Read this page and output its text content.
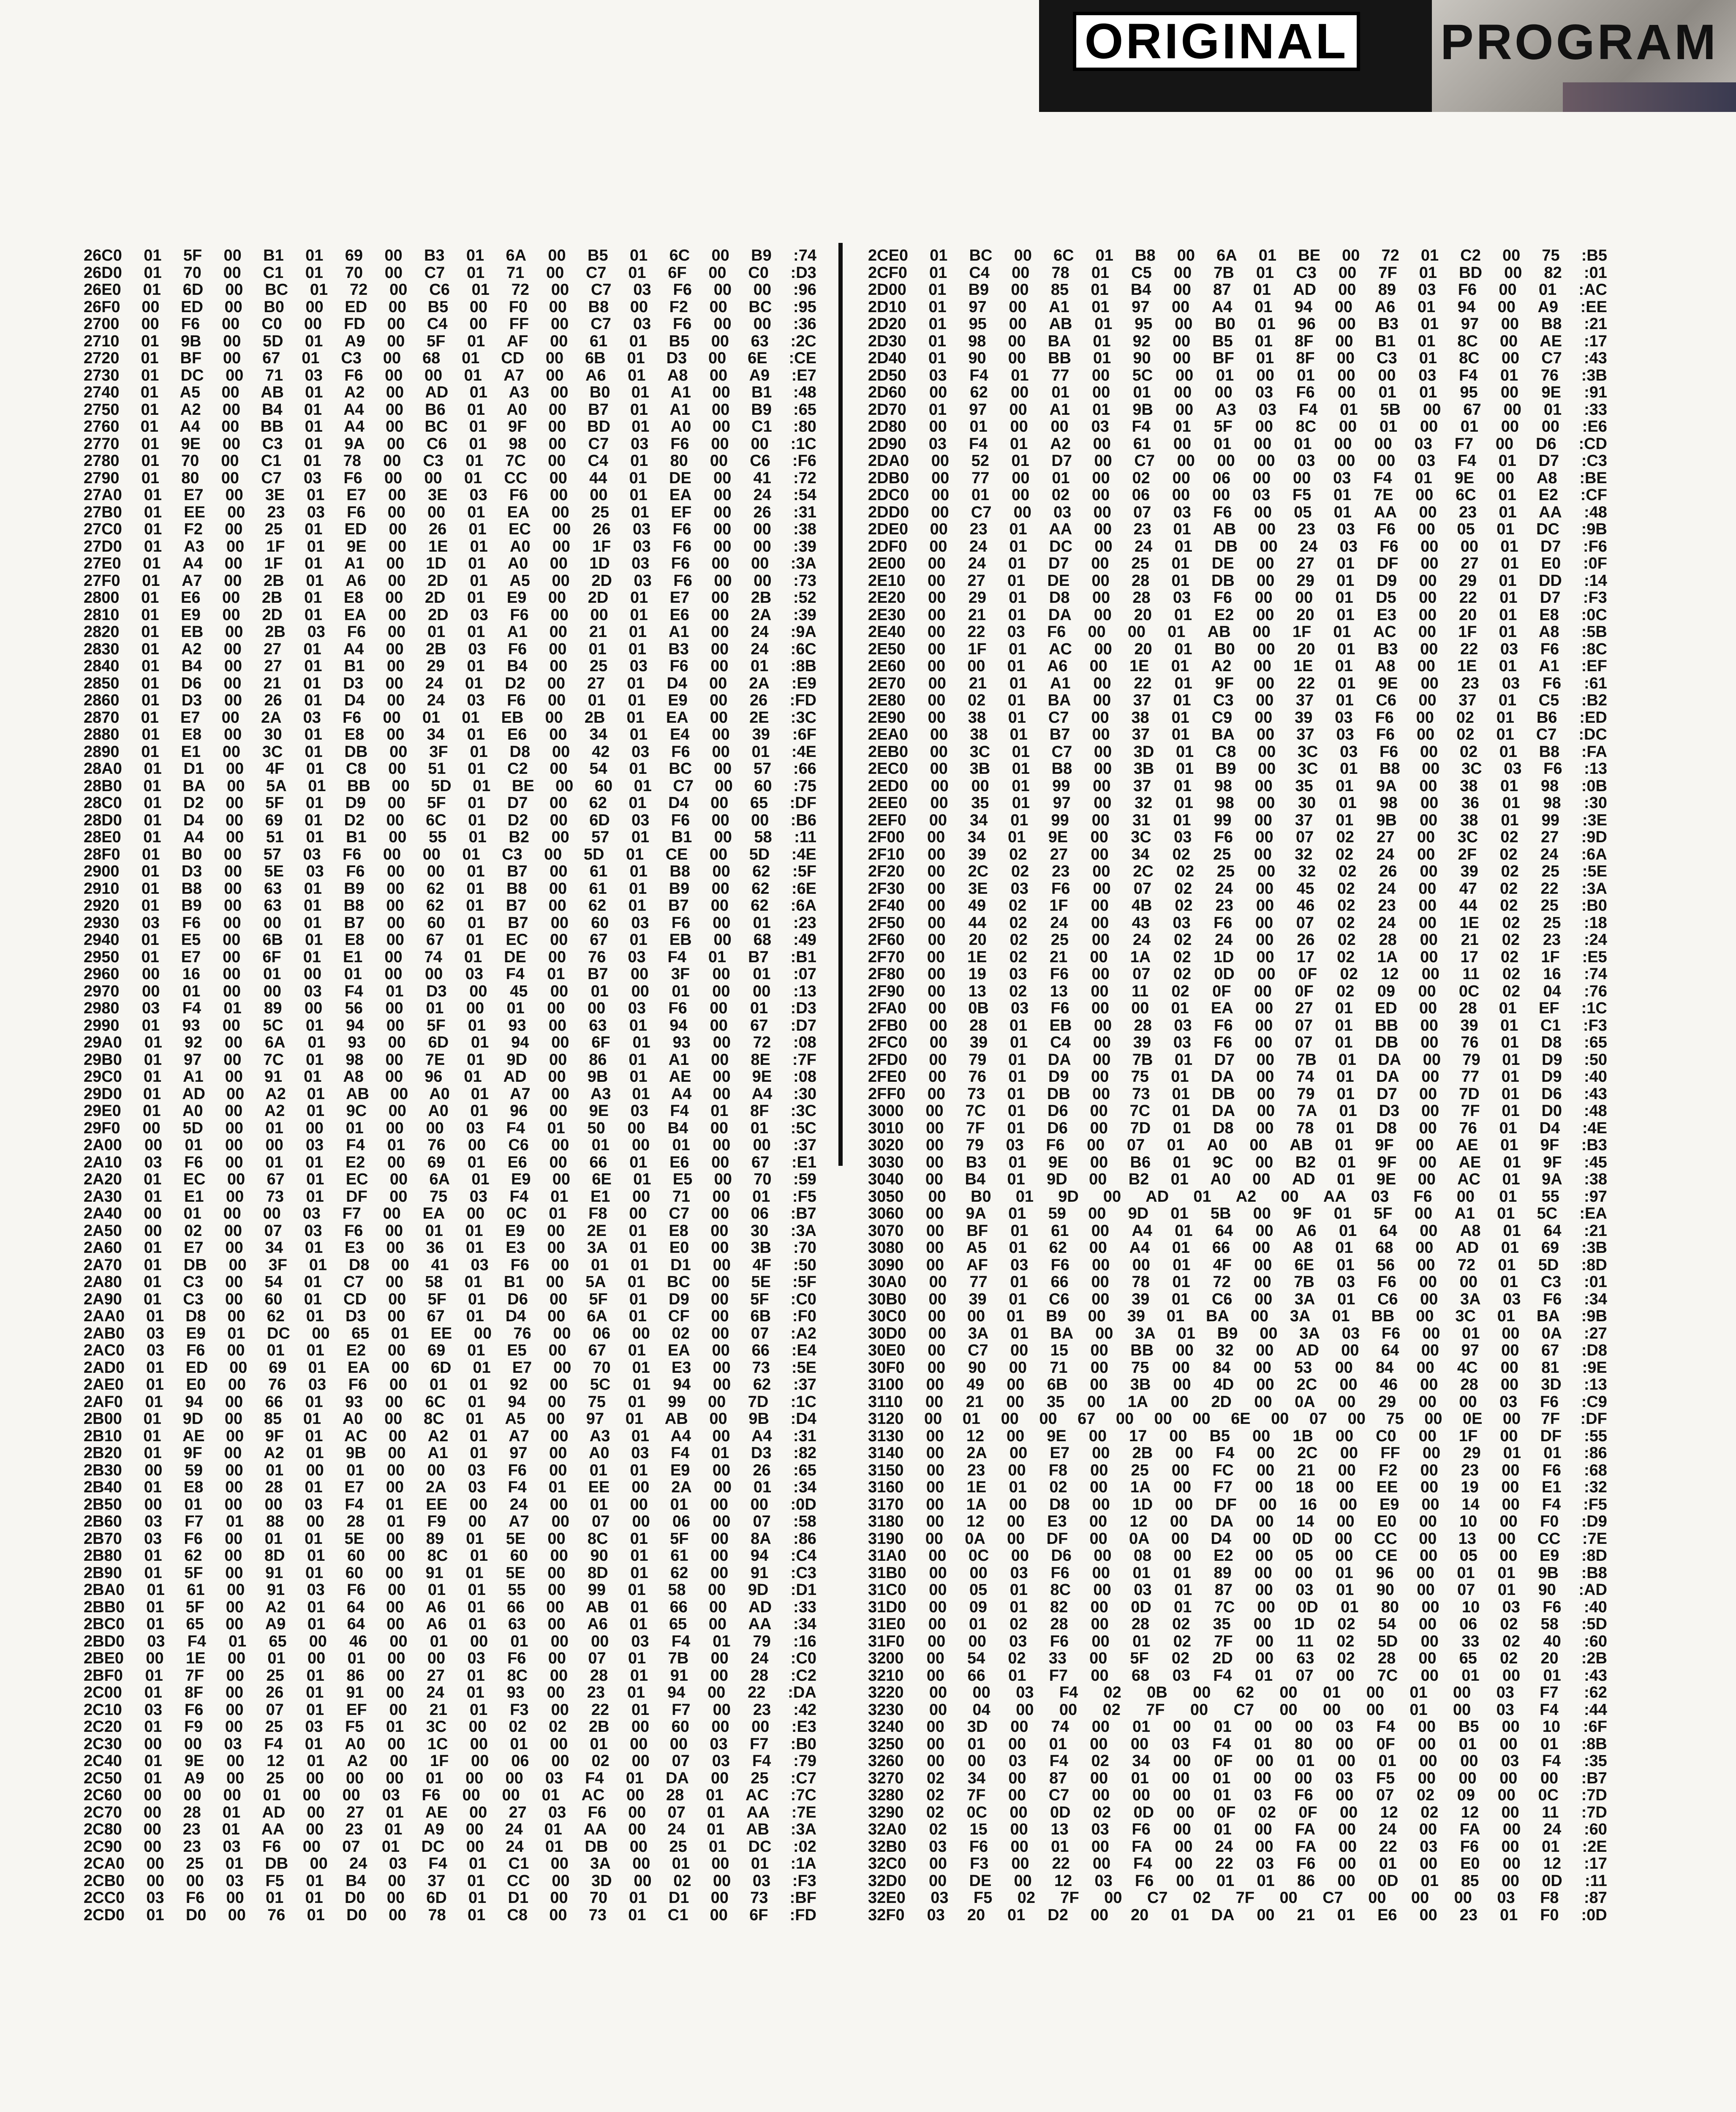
ORIGINAL PROGRAM
26C0 01 5F 00 B1 01 69 00 B3 01 6A 00 B5 01 6C 00 B9 :74
26D0 01 70 00 C1 01 70 00 C7 01 71 00 C7 01 6F 00 C0 :D3
26E0 01 6D 00 BC 01 72 00 C6 01 72 00 C7 03 F6 00 00 :96
26F0 00 ED 00 B0 00 ED 00 B5 00 F0 00 B8 00 F2 00 BC :95
2700 00 F6 00 C0 00 FD 00 C4 00 FF 00 C7 03 F6 00 00 :36
2710 01 9B 00 5D 01 A9 00 5F 01 AF 00 61 01 B5 00 63 :2C
2720 01 BF 00 67 01 C3 00 68 01 CD 00 6B 01 D3 00 6E :CE
2730 01 DC 00 71 03 F6 00 00 01 A7 00 A6 01 A8 00 A9 :E7
2740 01 A5 00 AB 01 A2 00 AD 01 A3 00 B0 01 A1 00 B1 :48
2750 01 A2 00 B4 01 A4 00 B6 01 A0 00 B7 01 A1 00 B9 :65
2760 01 A4 00 BB 01 A4 00 BC 01 9F 00 BD 01 A0 00 C1 :80
2770 01 9E 00 C3 01 9A 00 C6 01 98 00 C7 03 F6 00 00 :1C
2780 01 70 00 C1 01 78 00 C3 01 7C 00 C4 01 80 00 C6 :F6
2790 01 80 00 C7 03 F6 00 00 01 CC 00 44 01 DE 00 41 :72
27A0 01 E7 00 3E 01 E7 00 3E 03 F6 00 00 01 EA 00 24 :54
27B0 01 EE 00 23 03 F6 00 00 01 EA 00 25 01 EF 00 26 :31
27C0 01 F2 00 25 01 ED 00 26 01 EC 00 26 03 F6 00 00 :38
27D0 01 A3 00 1F 01 9E 00 1E 01 A0 00 1F 03 F6 00 00 :39
27E0 01 A4 00 1F 01 A1 00 1D 01 A0 00 1D 03 F6 00 00 :3A
27F0 01 A7 00 2B 01 A6 00 2D 01 A5 00 2D 03 F6 00 00 :73
2800 01 E6 00 2B 01 E8 00 2D 01 E9 00 2D 01 E7 00 2B :52
2810 01 E9 00 2D 01 EA 00 2D 03 F6 00 00 01 E6 00 2A :39
2820 01 EB 00 2B 03 F6 00 01 01 A1 00 21 01 A1 00 24 :9A
2830 01 A2 00 27 01 A4 00 2B 03 F6 00 01 01 B3 00 24 :6C
2840 01 B4 00 27 01 B1 00 29 01 B4 00 25 03 F6 00 01 :8B
2850 01 D6 00 21 01 D3 00 24 01 D2 00 27 01 D4 00 2A :E9
2860 01 D3 00 26 01 D4 00 24 03 F6 00 01 01 E9 00 26 :FD
2870 01 E7 00 2A 03 F6 00 01 01 EB 00 2B 01 EA 00 2E :3C
2880 01 E8 00 30 01 E8 00 34 01 E6 00 34 01 E4 00 39 :6F
2890 01 E1 00 3C 01 DB 00 3F 01 D8 00 42 03 F6 00 01 :4E
28A0 01 D1 00 4F 01 C8 00 51 01 C2 00 54 01 BC 00 57 :66
28B0 01 BA 00 5A 01 BB 00 5D 01 BE 00 60 01 C7 00 60 :75
28C0 01 D2 00 5F 01 D9 00 5F 01 D7 00 62 01 D4 00 65 :DF
28D0 01 D4 00 69 01 D2 00 6C 01 D2 00 6D 03 F6 00 00 :B6
28E0 01 A4 00 51 01 B1 00 55 01 B2 00 57 01 B1 00 58 :11
28F0 01 B0 00 57 03 F6 00 00 01 C3 00 5D 01 CE 00 5D :4E
2900 01 D3 00 5E 03 F6 00 00 01 B7 00 61 01 B8 00 62 :5F
2910 01 B8 00 63 01 B9 00 62 01 B8 00 61 01 B9 00 62 :6E
2920 01 B9 00 63 01 B8 00 62 01 B7 00 62 01 B7 00 62 :6A
2930 03 F6 00 00 01 B7 00 60 01 B7 00 60 03 F6 00 01 :23
2940 01 E5 00 6B 01 E8 00 67 01 EC 00 67 01 EB 00 68 :49
2950 01 E7 00 6F 01 E1 00 74 01 DE 00 76 03 F4 01 B7 :B1
2960 00 16 00 01 00 01 00 00 03 F4 01 B7 00 3F 00 01 :07
2970 00 01 00 00 03 F4 01 D3 00 45 00 01 00 01 00 00 :13
2980 03 F4 01 89 00 56 00 01 00 01 00 00 03 F6 00 01 :D3
2990 01 93 00 5C 01 94 00 5F 01 93 00 63 01 94 00 67 :D7
29A0 01 92 00 6A 01 93 00 6D 01 94 00 6F 01 93 00 72 :08
29B0 01 97 00 7C 01 98 00 7E 01 9D 00 86 01 A1 00 8E :7F
29C0 01 A1 00 91 01 A8 00 96 01 AD 00 9B 01 AE 00 9E :08
29D0 01 AD 00 A2 01 AB 00 A0 01 A7 00 A3 01 A4 00 A4 :30
29E0 01 A0 00 A2 01 9C 00 A0 01 96 00 9E 03 F4 01 8F :3C
29F0 00 5D 00 01 00 01 00 00 03 F4 01 50 00 B4 00 01 :5C
2A00 00 01 00 00 03 F4 01 76 00 C6 00 01 00 01 00 00 :37
2A10 03 F6 00 01 01 E2 00 69 01 E6 00 66 01 E6 00 67 :E1
2A20 01 EC 00 67 01 EC 00 6A 01 E9 00 6E 01 E5 00 70 :59
2A30 01 E1 00 73 01 DF 00 75 03 F4 01 E1 00 71 00 01 :F5
2A40 00 01 00 00 03 F7 00 EA 00 0C 01 F8 00 C7 00 06 :B7
2A50 00 02 00 07 03 F6 00 01 01 E9 00 2E 01 E8 00 30 :3A
2A60 01 E7 00 34 01 E3 00 36 01 E3 00 3A 01 E0 00 3B :70
2A70 01 DB 00 3F 01 D8 00 41 03 F6 00 01 01 D1 00 4F :50
2A80 01 C3 00 54 01 C7 00 58 01 B1 00 5A 01 BC 00 5E :5F
2A90 01 C3 00 60 01 CD 00 5F 01 D6 00 5F 01 D9 00 5F :C0
2AA0 01 D8 00 62 01 D3 00 67 01 D4 00 6A 01 CF 00 6B :F0
2AB0 03 E9 01 DC 00 65 01 EE 00 76 00 06 00 02 00 07 :A2
2AC0 03 F6 00 01 01 E2 00 69 01 E5 00 67 01 EA 00 66 :E4
2AD0 01 ED 00 69 01 EA 00 6D 01 E7 00 70 01 E3 00 73 :5E
2AE0 01 E0 00 76 03 F6 00 01 01 92 00 5C 01 94 00 62 :37
2AF0 01 94 00 66 01 93 00 6C 01 94 00 75 01 99 00 7D :1C
2B00 01 9D 00 85 01 A0 00 8C 01 A5 00 97 01 AB 00 9B :D4
2B10 01 AE 00 9F 01 AC 00 A2 01 A7 00 A3 01 A4 00 A4 :31
2B20 01 9F 00 A2 01 9B 00 A1 01 97 00 A0 03 F4 01 D3 :82
2B30 00 59 00 01 00 01 00 00 03 F6 00 01 01 E9 00 26 :65
2B40 01 E8 00 28 01 E7 00 2A 03 F4 01 EE 00 2A 00 01 :34
2B50 00 01 00 00 03 F4 01 EE 00 24 00 01 00 01 00 00 :0D
2B60 03 F7 01 88 00 28 01 F9 00 A7 00 07 00 06 00 07 :58
2B70 03 F6 00 01 01 5E 00 89 01 5E 00 8C 01 5F 00 8A :86
2B80 01 62 00 8D 01 60 00 8C 01 60 00 90 01 61 00 94 :C4
2B90 01 5F 00 91 01 60 00 91 01 5E 00 8D 01 62 00 91 :C3
2BA0 01 61 00 91 03 F6 00 01 01 55 00 99 01 58 00 9D :D1
2BB0 01 5F 00 A2 01 64 00 A6 01 66 00 AB 01 66 00 AD :33
2BC0 01 65 00 A9 01 64 00 A6 01 63 00 A6 01 65 00 AA :34
2BD0 03 F4 01 65 00 46 00 01 00 01 00 00 03 F4 01 79 :16
2BE0 00 1E 00 01 00 01 00 00 03 F6 00 07 01 7B 00 24 :C0
2BF0 01 7F 00 25 01 86 00 27 01 8C 00 28 01 91 00 28 :C2
2C00 01 8F 00 26 01 91 00 24 01 93 00 23 01 94 00 22 :DA
2C10 03 F6 00 07 01 EF 00 21 01 F3 00 22 01 F7 00 23 :42
2C20 01 F9 00 25 03 F5 01 3C 00 02 02 2B 00 60 00 00 :E3
2C30 00 00 03 F4 01 A0 00 1C 00 01 00 01 00 00 03 F7 :B0
2C40 01 9E 00 12 01 A2 00 1F 00 06 00 02 00 07 03 F4 :79
2C50 01 A9 00 25 00 00 00 01 00 00 03 F4 01 DA 00 25 :C7
2C60 00 00 00 01 00 00 03 F6 00 00 01 AC 00 28 01 AC :7C
2C70 00 28 01 AD 00 27 01 AE 00 27 03 F6 00 07 01 AA :7E
2C80 00 23 01 AA 00 23 01 A9 00 24 01 AA 00 24 01 AB :3A
2C90 00 23 03 F6 00 07 01 DC 00 24 01 DB 00 25 01 DC :02
2CA0 00 25 01 DB 00 24 03 F4 01 C1 00 3A 00 01 00 01 :1A
2CB0 00 00 03 F5 01 B4 00 37 01 CC 00 3D 00 02 00 03 :F3
2CC0 03 F6 00 01 01 D0 00 6D 01 D1 00 70 01 D1 00 73 :BF
2CD0 01 D0 00 76 01 D0 00 78 01 C8 00 73 01 C1 00 6F :FD
2CE0 01 BC 00 6C 01 B8 00 6A 01 BE 00 72 01 C2 00 75 :B5
2CF0 01 C4 00 78 01 C5 00 7B 01 C3 00 7F 01 BD 00 82 :01
2D00 01 B9 00 85 01 B4 00 87 01 AD 00 89 03 F6 00 01 :AC
2D10 01 97 00 A1 01 97 00 A4 01 94 00 A6 01 94 00 A9 :EE
2D20 01 95 00 AB 01 95 00 B0 01 96 00 B3 01 97 00 B8 :21
2D30 01 98 00 BA 01 92 00 B5 01 8F 00 B1 01 8C 00 AE :17
2D40 01 90 00 BB 01 90 00 BF 01 8F 00 C3 01 8C 00 C7 :43
2D50 03 F4 01 77 00 5C 00 01 00 01 00 00 03 F4 01 76 :3B
2D60 00 62 00 01 00 01 00 00 03 F6 00 01 01 95 00 9E :91
2D70 01 97 00 A1 01 9B 00 A3 03 F4 01 5B 00 67 00 01 :33
2D80 00 01 00 00 03 F4 01 5F 00 8C 00 01 00 01 00 00 :E6
2D90 03 F4 01 A2 00 61 00 01 00 01 00 00 03 F7 00 D6 :CD
2DA0 00 52 01 D7 00 C7 00 00 00 03 00 00 03 F4 01 D7 :C3
2DB0 00 77 00 01 00 02 00 06 00 00 03 F4 01 9E 00 A8 :BE
2DC0 00 01 00 02 00 06 00 00 03 F5 01 7E 00 6C 01 E2 :CF
2DD0 00 C7 00 03 00 07 03 F6 00 05 01 AA 00 23 01 AA :48
2DE0 00 23 01 AA 00 23 01 AB 00 23 03 F6 00 05 01 DC :9B
2DF0 00 24 01 DC 00 24 01 DB 00 24 03 F6 00 00 01 D7 :F6
2E00 00 24 01 D7 00 25 01 DE 00 27 01 DF 00 27 01 E0 :0F
2E10 00 27 01 DE 00 28 01 DB 00 29 01 D9 00 29 01 DD :14
2E20 00 29 01 D8 00 28 03 F6 00 00 01 D5 00 22 01 D7 :F3
2E30 00 21 01 DA 00 20 01 E2 00 20 01 E3 00 20 01 E8 :0C
2E40 00 22 03 F6 00 00 01 AB 00 1F 01 AC 00 1F 01 A8 :5B
2E50 00 1F 01 AC 00 20 01 B0 00 20 01 B3 00 22 03 F6 :8C
2E60 00 00 01 A6 00 1E 01 A2 00 1E 01 A8 00 1E 01 A1 :EF
2E70 00 21 01 A1 00 22 01 9F 00 22 01 9E 00 23 03 F6 :61
2E80 00 02 01 BA 00 37 01 C3 00 37 01 C6 00 37 01 C5 :B2
2E90 00 38 01 C7 00 38 01 C9 00 39 03 F6 00 02 01 B6 :ED
2EA0 00 38 01 B7 00 37 01 BA 00 37 03 F6 00 02 01 C7 :DC
2EB0 00 3C 01 C7 00 3D 01 C8 00 3C 03 F6 00 02 01 B8 :FA
2EC0 00 3B 01 B8 00 3B 01 B9 00 3C 01 B8 00 3C 03 F6 :13
2ED0 00 00 01 99 00 37 01 98 00 35 01 9A 00 38 01 98 :0B
2EE0 00 35 01 97 00 32 01 98 00 30 01 98 00 36 01 98 :30
2EF0 00 34 01 99 00 31 01 99 00 37 01 9B 00 38 01 99 :3E
2F00 00 34 01 9E 00 3C 03 F6 00 07 02 27 00 3C 02 27 :9D
2F10 00 39 02 27 00 34 02 25 00 32 02 24 00 2F 02 24 :6A
2F20 00 2C 02 23 00 2C 02 25 00 32 02 26 00 39 02 25 :5E
2F30 00 3E 03 F6 00 07 02 24 00 45 02 24 00 47 02 22 :3A
2F40 00 49 02 1F 00 4B 02 23 00 46 02 23 00 44 02 25 :B0
2F50 00 44 02 24 00 43 03 F6 00 07 02 24 00 1E 02 25 :18
2F60 00 20 02 25 00 24 02 24 00 26 02 28 00 21 02 23 :24
2F70 00 1E 02 21 00 1A 02 1D 00 17 02 1A 00 17 02 1F :E5
2F80 00 19 03 F6 00 07 02 0D 00 0F 02 12 00 11 02 16 :74
2F90 00 13 02 13 00 11 02 0F 00 0F 02 09 00 0C 02 04 :76
2FA0 00 0B 03 F6 00 00 01 EA 00 27 01 ED 00 28 01 EF :1C
2FB0 00 28 01 EB 00 28 03 F6 00 07 01 BB 00 39 01 C1 :F3
2FC0 00 39 01 C4 00 39 03 F6 00 07 01 DB 00 76 01 D8 :65
2FD0 00 79 01 DA 00 7B 01 D7 00 7B 01 DA 00 79 01 D9 :50
2FE0 00 76 01 D9 00 75 01 DA 00 74 01 DA 00 77 01 D9 :40
2FF0 00 73 01 DB 00 73 01 DB 00 79 01 D7 00 7D 01 D6 :43
3000 00 7C 01 D6 00 7C 01 DA 00 7A 01 D3 00 7F 01 D0 :48
3010 00 7F 01 D6 00 7D 01 D8 00 78 01 D8 00 76 01 D4 :4E
3020 00 79 03 F6 00 07 01 A0 00 AB 01 9F 00 AE 01 9F :B3
3030 00 B3 01 9E 00 B6 01 9C 00 B2 01 9F 00 AE 01 9F :45
3040 00 B4 01 9D 00 B2 01 A0 00 AD 01 9E 00 AC 01 9A :38
3050 00 B0 01 9D 00 AD 01 A2 00 AA 03 F6 00 01 55 :97
3060 00 9A 01 59 00 9D 01 5B 00 9F 01 5F 00 A1 01 5C :EA
3070 00 BF 01 61 00 A4 01 64 00 A6 01 64 00 A8 01 64 :21
3080 00 A5 01 62 00 A4 01 66 00 A8 01 68 00 AD 01 69 :3B
3090 00 AF 03 F6 00 00 01 4F 00 6E 01 56 00 72 01 5D :8D
30A0 00 77 01 66 00 78 01 72 00 7B 03 F6 00 00 01 C3 :01
30B0 00 39 01 C6 00 39 01 C6 00 3A 01 C6 00 3A 03 F6 :34
30C0 00 00 01 B9 00 39 01 BA 00 3A 01 BB 00 3C 01 BA :9B
30D0 00 3A 01 BA 00 3A 01 B9 00 3A 03 F6 00 01 00 0A :27
30E0 00 C7 00 15 00 BB 00 32 00 AD 00 64 00 97 00 67 :D8
30F0 00 90 00 71 00 75 00 84 00 53 00 84 00 4C 00 81 :9E
3100 00 49 00 6B 00 3B 00 4D 00 2C 00 46 00 28 00 3D :13
3110 00 21 00 35 00 1A 00 2D 00 0A 00 29 00 00 03 F6 :C9
3120 00 01 00 00 67 00 00 00 6E 00 07 00 75 00 0E 00 7F :DF
3130 00 12 00 9E 00 17 00 B5 00 1B 00 C0 00 1F 00 DF :55
3140 00 2A 00 E7 00 2B 00 F4 00 2C 00 FF 00 29 01 01 :86
3150 00 23 00 F8 00 25 00 FC 00 21 00 F2 00 23 00 F6 :68
3160 00 1E 01 02 00 1A 00 F7 00 18 00 EE 00 19 00 E1 :32
3170 00 1A 00 D8 00 1D 00 DF 00 16 00 E9 00 14 00 F4 :F5
3180 00 12 00 E3 00 12 00 DA 00 14 00 E0 00 10 00 F0 :D9
3190 00 0A 00 DF 00 0A 00 D4 00 0D 00 CC 00 13 00 CC :7E
31A0 00 0C 00 D6 00 08 00 E2 00 05 00 CE 00 05 00 E9 :8D
31B0 00 00 03 F6 00 01 01 89 00 00 01 96 00 01 01 9B :B8
31C0 00 05 01 8C 00 03 01 87 00 03 01 90 00 07 01 90 :AD
31D0 00 09 01 82 00 0D 01 7C 00 0D 01 80 00 10 03 F6 :40
31E0 00 01 02 28 00 28 02 35 00 1D 02 54 00 06 02 58 :5D
31F0 00 00 03 F6 00 01 02 7F 00 11 02 5D 00 33 02 40 :60
3200 00 54 02 33 00 5F 02 2D 00 63 02 28 00 65 02 20 :2B
3210 00 66 01 F7 00 68 03 F4 01 07 00 7C 00 01 00 01 :43
3220 00 00 03 F4 02 0B 00 62 00 01 00 01 00 03 F7 :62
3230 00 04 00 00 02 7F 00 C7 00 00 00 01 00 03 F4 :44
3240 00 3D 00 74 00 01 00 01 00 00 03 F4 00 B5 00 10 :6F
3250 00 01 00 01 00 00 03 F4 01 80 00 0F 00 01 00 01 :8B
3260 00 00 03 F4 02 34 00 0F 00 01 00 01 00 00 03 F4 :35
3270 02 34 00 87 00 01 00 01 00 00 03 F5 00 00 00 00 :B7
3280 02 7F 00 C7 00 00 00 01 03 F6 00 07 02 09 00 0C :7D
3290 02 0C 00 0D 02 0D 00 0F 02 0F 00 12 02 12 00 11 :7D
32A0 02 15 00 13 03 F6 00 01 00 FA 00 24 00 FA 00 24 :60
32B0 03 F6 00 01 00 FA 00 24 00 FA 00 22 03 F6 00 01 :2E
32C0 00 F3 00 22 00 F4 00 22 03 F6 00 01 00 E0 00 12 :17
32D0 00 DE 00 12 03 F6 00 01 01 86 00 0D 01 85 00 0D :11
32E0 03 F5 02 7F 00 C7 02 7F 00 C7 00 00 00 03 F8 :87
32F0 03 20 01 D2 00 20 01 DA 00 21 01 E6 00 23 01 F0 :0D
